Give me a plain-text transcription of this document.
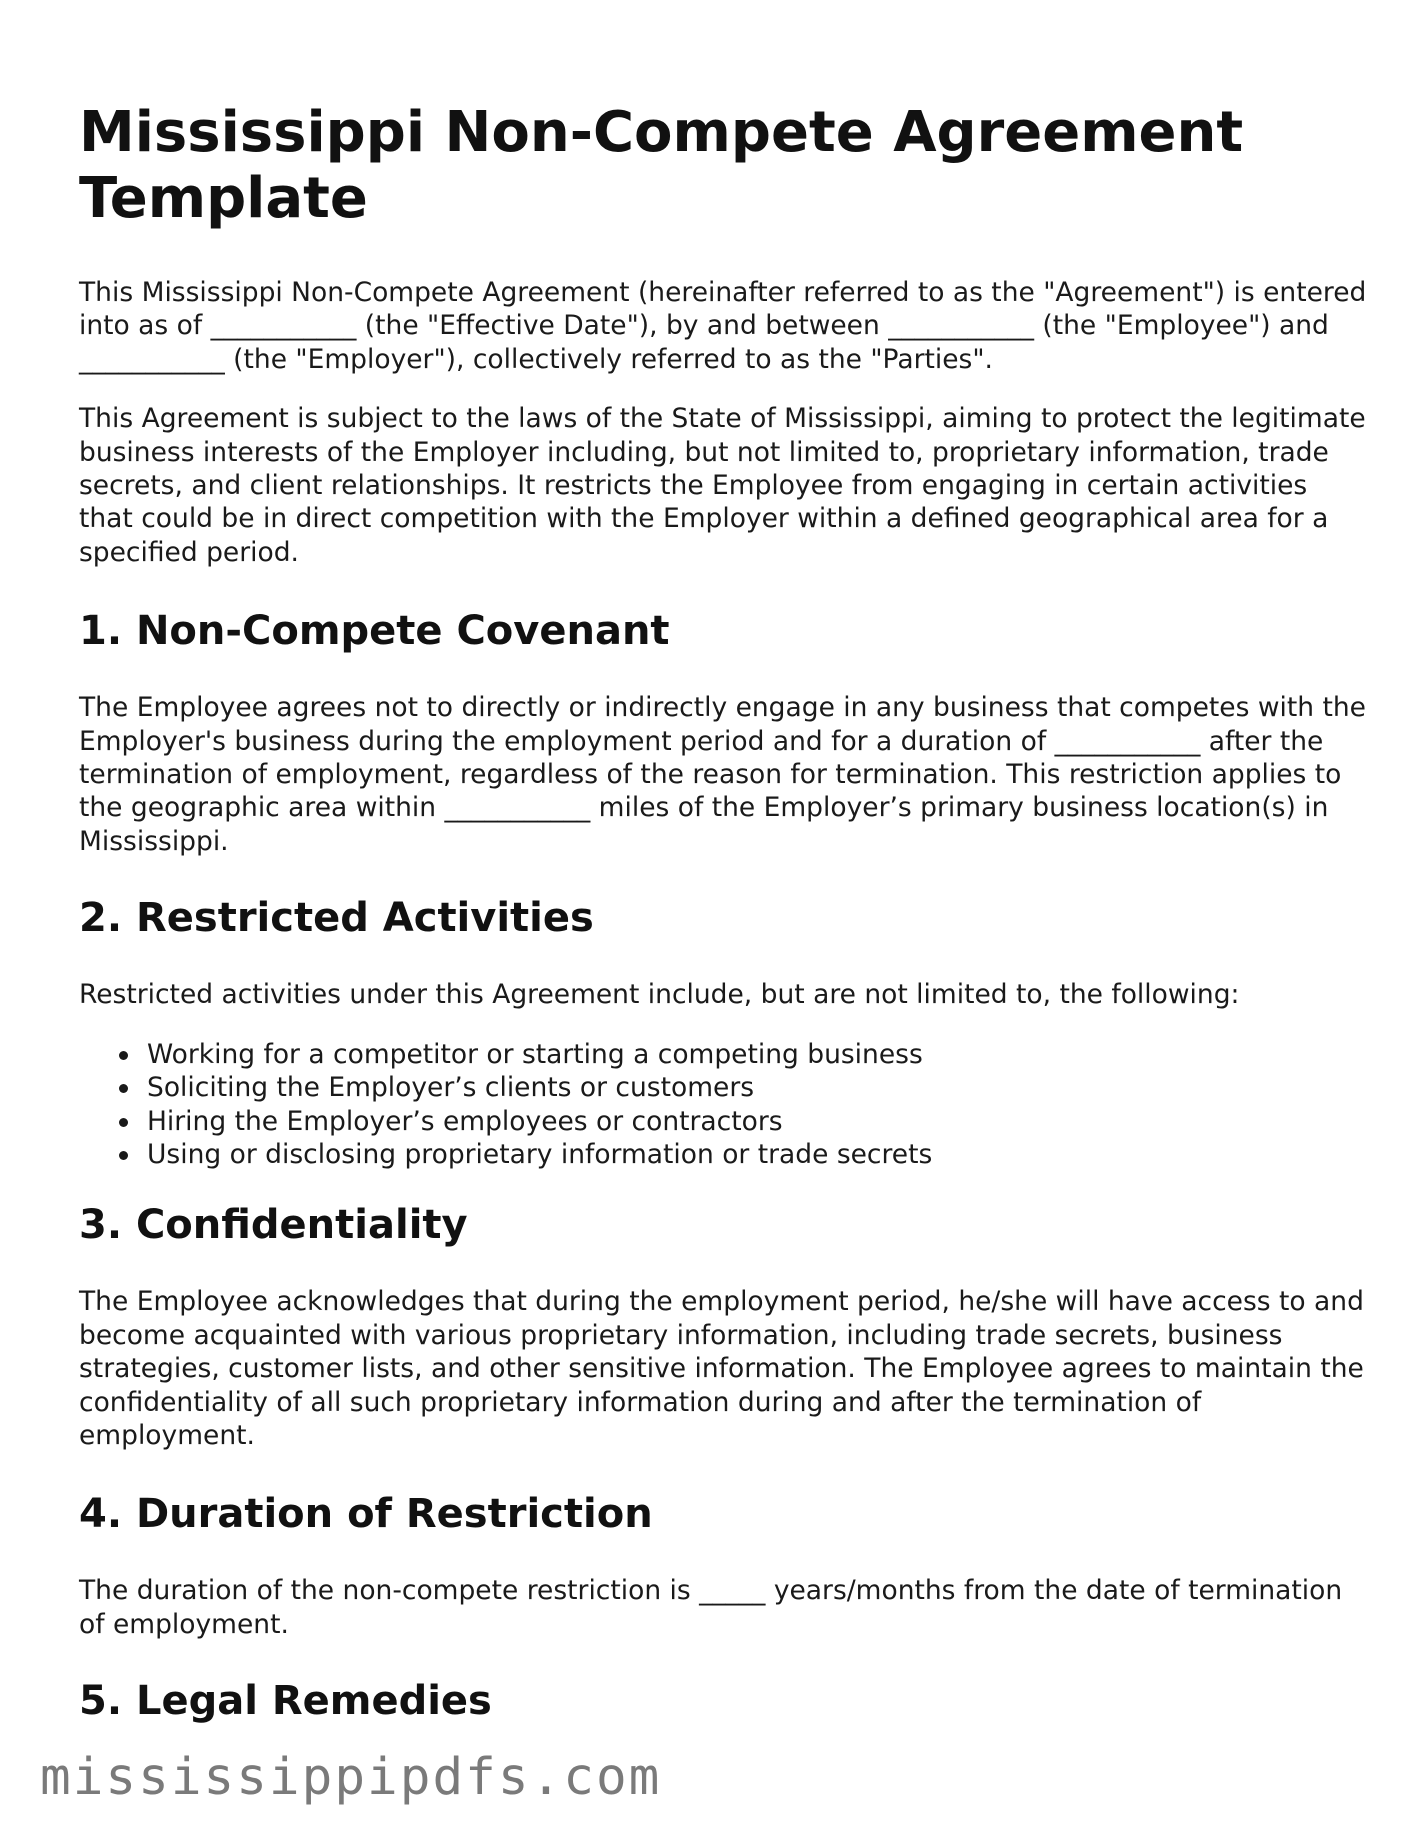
Mississippi Non-Compete Agreement Template

This Mississippi Non-Compete Agreement (hereinafter referred to as the "Agreement") is entered into as of ___________ (the "Effective Date"), by and between ___________ (the "Employee") and ___________ (the "Employer"), collectively referred to as the "Parties".

This Agreement is subject to the laws of the State of Mississippi, aiming to protect the legitimate business interests of the Employer including, but not limited to, proprietary information, trade secrets, and client relationships. It restricts the Employee from engaging in certain activities that could be in direct competition with the Employer within a defined geographical area for a specified period.

1. Non-Compete Covenant

The Employee agrees not to directly or indirectly engage in any business that competes with the Employer's business during the employment period and for a duration of ___________ after the termination of employment, regardless of the reason for termination. This restriction applies to the geographic area within ___________ miles of the Employer’s primary business location(s) in Mississippi.

2. Restricted Activities

Restricted activities under this Agreement include, but are not limited to, the following:

Working for a competitor or starting a competing business
Soliciting the Employer’s clients or customers
Hiring the Employer’s employees or contractors
Using or disclosing proprietary information or trade secrets
3. Confidentiality

The Employee acknowledges that during the employment period, he/she will have access to and become acquainted with various proprietary information, including trade secrets, business strategies, customer lists, and other sensitive information. The Employee agrees to maintain the confidentiality of all such proprietary information during and after the termination of employment.

4. Duration of Restriction

The duration of the non-compete restriction is _____ years/months from the date of termination of employment.

5. Legal Remedies
mississippipdfs.com
